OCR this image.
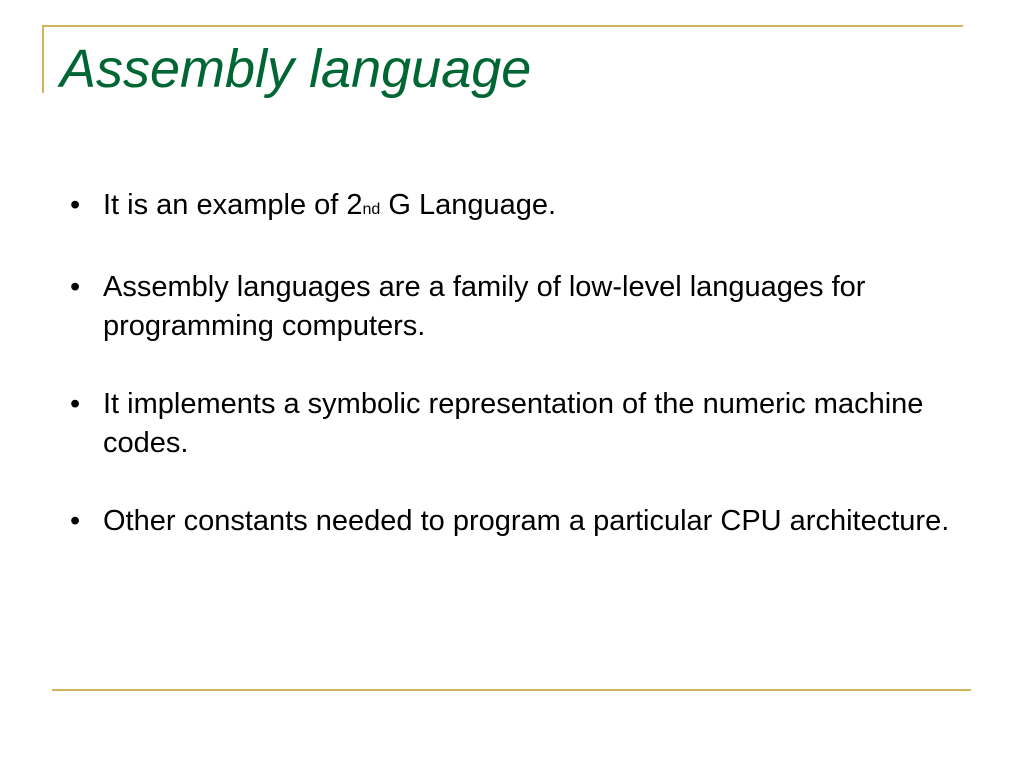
Assembly language
• It is an example of 2nd G Language.
• Assembly languages are a family of low-level languages for programming computers.
• It implements a symbolic representation of the numeric machine codes.
• Other constants needed to program a particular CPU architecture.
